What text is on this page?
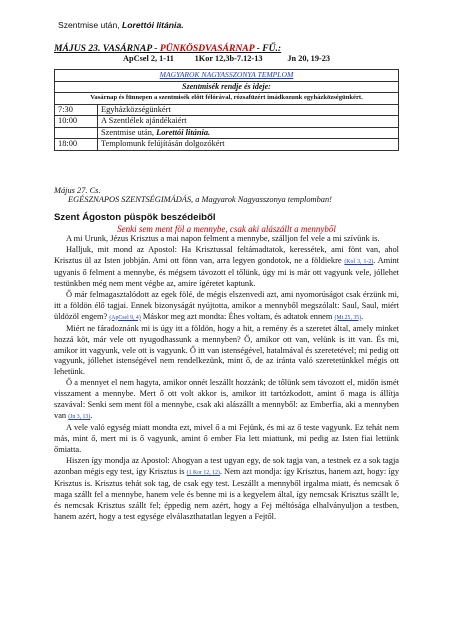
Szentmise után, Lorettói litánia.
MÁJUS 23. VASÁRNAP - PÜNKÖSDVASÁRNAP - FŰ.:
ApCsel 2, 1-11	1Kor 12,3b-7.12-13	Jn 20, 19-23
MAGYAROK NAGYASSZONYA TEMPLOM	
Szentmisék rendje és ideje:	
Vasárnap és fünnepen a szentmisék előtt félórával, rózsafüzért imádkozunk egyházközségünkért.	
7:30	Egyházközségünkért
10:00	A Szentlélek ajándékaiért
	Szentmise után, Lorettói litánia.
18:00	Templomunk felújításán dolgozókért
Május 27. Cs.
EGÉSZNAPOS SZENTSÉGIMÁDÁS, a Magyarok Nagyasszonya templomban!
Szent Ágoston püspök beszédeiből
Senki sem ment föl a mennybe, csak aki alászállt a mennyből

A mi Urunk, Jézus Krisztus a mai napon felment a mennybe, szálljon fel vele a mi szívünk is.

Halljuk, mit mond az Apostol: Ha Krisztussal feltámadtatok, keressétek, ami fönt van, ahol Krisztus ül az Isten jobbján. Ami ott fönn van, arra legyen gondotok, ne a földiekre (Kol 3, 1-2). Amint ugyanis ő felment a mennybe, és mégsem távozott el tőlünk, úgy mi is már ott vagyunk vele, jóllehet testünkben még nem ment végbe az, amire ígéretet kaptunk.

Ő már felmagasztalódott az egek fölé, de mégis elszenvedi azt, ami nyomorúságot csak érzünk mi, itt a földön élő tagjai. Ennek bizonyságát nyújtotta, amikor a mennyből megszólalt: Saul, Saul, miért üldözöl engem? (ApCsel 9, 4) Máskor meg azt mondta: Éhes voltam, és adtatok ennem (Mt 25, 35).

Miért ne fáradoznánk mi is úgy itt a földön, hogy a hit, a remény és a szeretet által, amely minket hozzá köt, már vele ott nyugodhassunk a mennyben? Ő, amikor ott van, velünk is itt van. És mi, amikor itt vagyunk, vele ott is vagyunk. Ő itt van istenségével, hatalmával és szeretetével; mi pedig ott vagyunk, jóllehet istenségével nem rendelkezünk, mint ő, de az iránta való szeretetünkkel mégis ott lehetünk.

Ő a mennyet el nem hagyta, amikor onnét leszállt hozzánk; de tőlünk sem távozott el, midőn ismét visszament a mennybe. Mert ő ott volt akkor is, amikor itt tartózkodott, amint ő maga is állítja szavával: Senki sem ment föl a mennybe, csak aki alászállt a mennyből: az Emberfia, aki a mennyben van (Jn 3, 13).

A vele való egység miatt mondta ezt, mivel ő a mi Fejünk, és mi az ő teste vagyunk. Ez tehát nem más, mint ő, mert mi is ő vagyunk, amint ő ember Fia lett miattunk, mi pedig az Isten fiai lettünk őmiatta.

Hiszen így mondja az Apostol: Ahogyan a test ugyan egy, de sok tagja van, a testnek ez a sok tagja azonban mégis egy test, így Krisztus is (1 Kor 12, 12). Nem azt mondja: így Krisztus, hanem azt, hogy: így Krisztus is. Krisztus tehát sok tag, de csak egy test. Leszállt a mennyből irgalma miatt, és nemcsak ő maga szállt fel a mennybe, hanem vele és benne mi is a kegyelem által, így nemcsak Krisztus szállt le, és nemcsak Krisztus szállt fel; éppedig nem azért, hogy a Fej méltósága elhalványuljon a testben, hanem azért, hogy a test egysége elválaszthatatlan legyen a Fejtől.
